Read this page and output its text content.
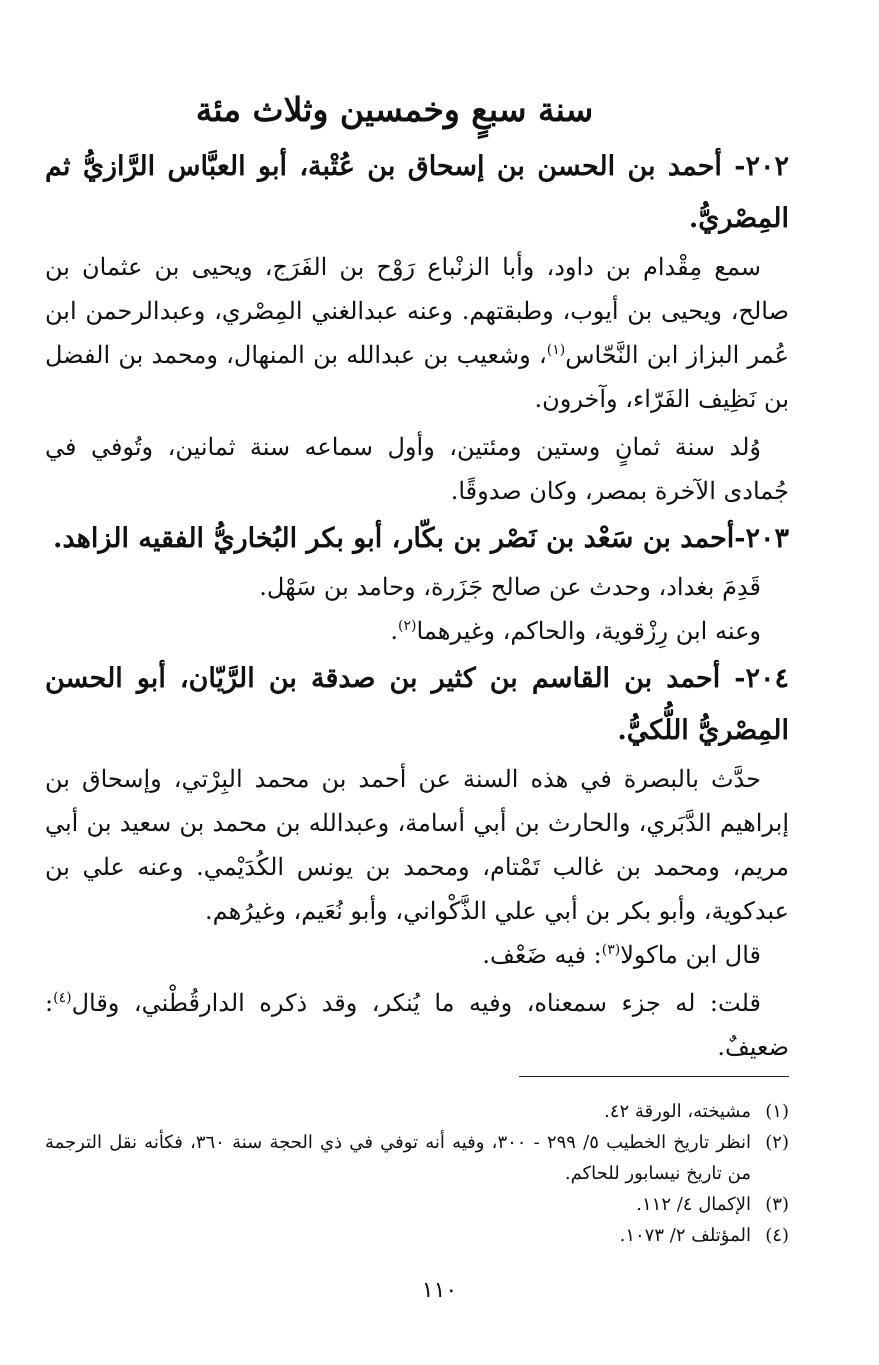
سنة سبعٍ وخمسين وثلاث مئة

٢٠٢- أحمد بن الحسن بن إسحاق بن عُتْبة، أبو العبَّاس الرَّازيُّ ثم المِصْريُّ.

سمع مِقْدام بن داود، وأبا الزنْباع رَوْح بن الفَرَج، ويحيى بن عثمان بن صالح، ويحيى بن أيوب، وطبقتهم. وعنه عبدالغني المِصْري، وعبدالرحمن ابن عُمر البزاز ابن النَّحّاس$^{(١)}$، وشعيب بن عبدالله بن المنهال، ومحمد بن الفضل بن نَظِيف الفَرّاء، وآخرون.

وُلد سنة ثمانٍ وستين ومئتين، وأول سماعه سنة ثمانين، وتُوفي في جُمادى الآخرة بمصر، وكان صدوقًا.

٢٠٣-أحمد بن سَعْد بن نَصْر بن بكّار، أبو بكر البُخاريُّ الفقيه الزاهد.

قَدِمَ بغداد، وحدث عن صالح جَزَرة، وحامد بن سَهْل.

وعنه ابن رِزْقوية، والحاكم، وغيرهما$^{(٢)}$.

٢٠٤- أحمد بن القاسم بن كثير بن صدقة بن الرَّيّان، أبو الحسن المِصْريُّ اللُّكيُّ.

حدَّث بالبصرة في هذه السنة عن أحمد بن محمد البِرْتي، وإسحاق بن إبراهيم الدَّبَري، والحارث بن أبي أسامة، وعبدالله بن محمد بن سعيد بن أبي مريم، ومحمد بن غالب تَمْتام، ومحمد بن يونس الكُدَيْمي. وعنه علي بن عبدكوية، وأبو بكر بن أبي علي الذَّكْواني، وأبو نُعَيم، وغيرُهم.

قال ابن ماكولا$^{(٣)}$: فيه ضَعْف.

قلت: له جزء سمعناه، وفيه ما يُنكر، وقد ذكره الدارقُطْني، وقال$^{(٤)}$: ضعيفٌ.

(١)
مشيخته، الورقة ٤٢.
(٢)
انظر تاريخ الخطيب ٥/ ٢٩٩ - ٣٠٠، وفيه أنه توفي في ذي الحجة سنة ٣٦٠، فكأنه نقل الترجمة من تاريخ نيسابور للحاكم.
(٣)
الإكمال ٤/ ١١٢.
(٤)
المؤتلف ٢/ ١٠٧٣.
١١٠
